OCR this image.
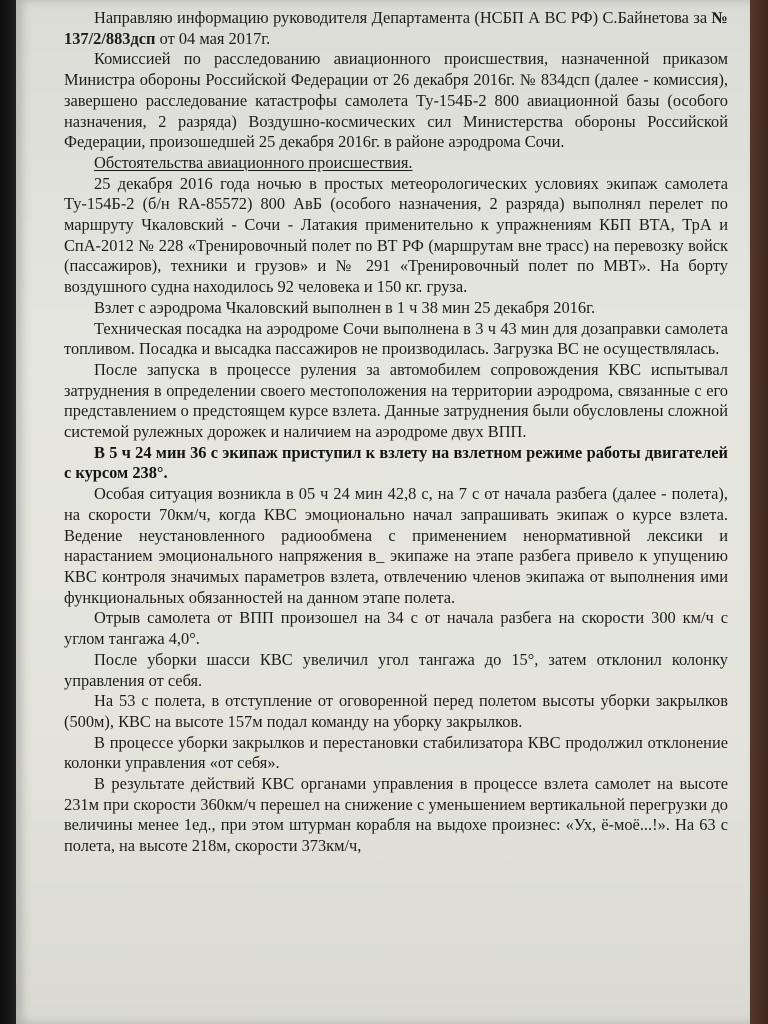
Направляю информацию руководителя Департамента (НСБП А ВС РФ) С.Байнетова за № 137/2/883дсп от 04 мая 2017г.

Комиссией по расследованию авиационного происшествия, назначенной приказом Министра обороны Российской Федерации от 26 декабря 2016г. № 834дсп (далее - комиссия), завершено расследование катастрофы самолета Ту-154Б-2 800 авиационной базы (особого назначения, 2 разряда) Воздушно-космических сил Министерства обороны Российской Федерации, произошедшей 25 декабря 2016г. в районе аэродрома Сочи.

Обстоятельства авиационного происшествия.

25 декабря 2016 года ночью в простых метеорологических условиях экипаж самолета Ту-154Б-2 (б/н RA-85572) 800 АвБ (особого назначения, 2 разряда) выполнял перелет по маршруту Чкаловский - Сочи - Латакия применительно к упражнениям КБП ВТА, ТрА и СпА-2012 № 228 «Тренировочный полет по ВТ РФ (маршрутам вне трасс) на перевозку войск (пассажиров), техники и грузов» и № 291 «Тренировочный полет по МВТ». На борту воздушного судна находилось 92 человека и 150 кг. груза.

Взлет с аэродрома Чкаловский выполнен в 1 ч 38 мин 25 декабря 2016г.

Техническая посадка на аэродроме Сочи выполнена в 3 ч 43 мин для дозаправки самолета топливом. Посадка и высадка пассажиров не производилась. Загрузка ВС не осуществлялась.

После запуска в процессе руления за автомобилем сопровождения КВС испытывал затруднения в определении своего местоположения на территории аэродрома, связанные с его представлением о предстоящем курсе взлета. Данные затруднения были обусловлены сложной системой рулежных дорожек и наличием на аэродроме двух ВПП.

В 5 ч 24 мин 36 с экипаж приступил к взлету на взлетном режиме работы двигателей с курсом 238°.

Особая ситуация возникла в 05 ч 24 мин 42,8 с, на 7 с от начала разбега (далее - полета), на скорости 70км/ч, когда КВС эмоционально начал запрашивать экипаж о курсе взлета. Ведение неустановленного радиообмена с применением ненормативной лексики и нарастанием эмоционального напряжения в_ экипаже на этапе разбега привело к упущению КВС контроля значимых параметров взлета, отвлечению членов экипажа от выполнения ими функциональных обязанностей на данном этапе полета.

Отрыв самолета от ВПП произошел на 34 с от начала разбега на скорости 300 км/ч с углом тангажа 4,0°.

После уборки шасси КВС увеличил угол тангажа до 15°, затем отклонил колонку управления от себя.

На 53 с полета, в отступление от оговоренной перед полетом высоты уборки закрылков (500м), КВС на высоте 157м подал команду на уборку закрылков.

В процессе уборки закрылков и перестановки стабилизатора КВС продолжил отклонение колонки управления «от себя».

В результате действий КВС органами управления в процессе взлета самолет на высоте 231м при скорости 360км/ч перешел на снижение с уменьшением вертикальной перегрузки до величины менее 1ед., при этом штурман корабля на выдохе произнес: «Ух, ё-моё...!». На 63 с полета, на высоте 218м, скорости 373км/ч,
